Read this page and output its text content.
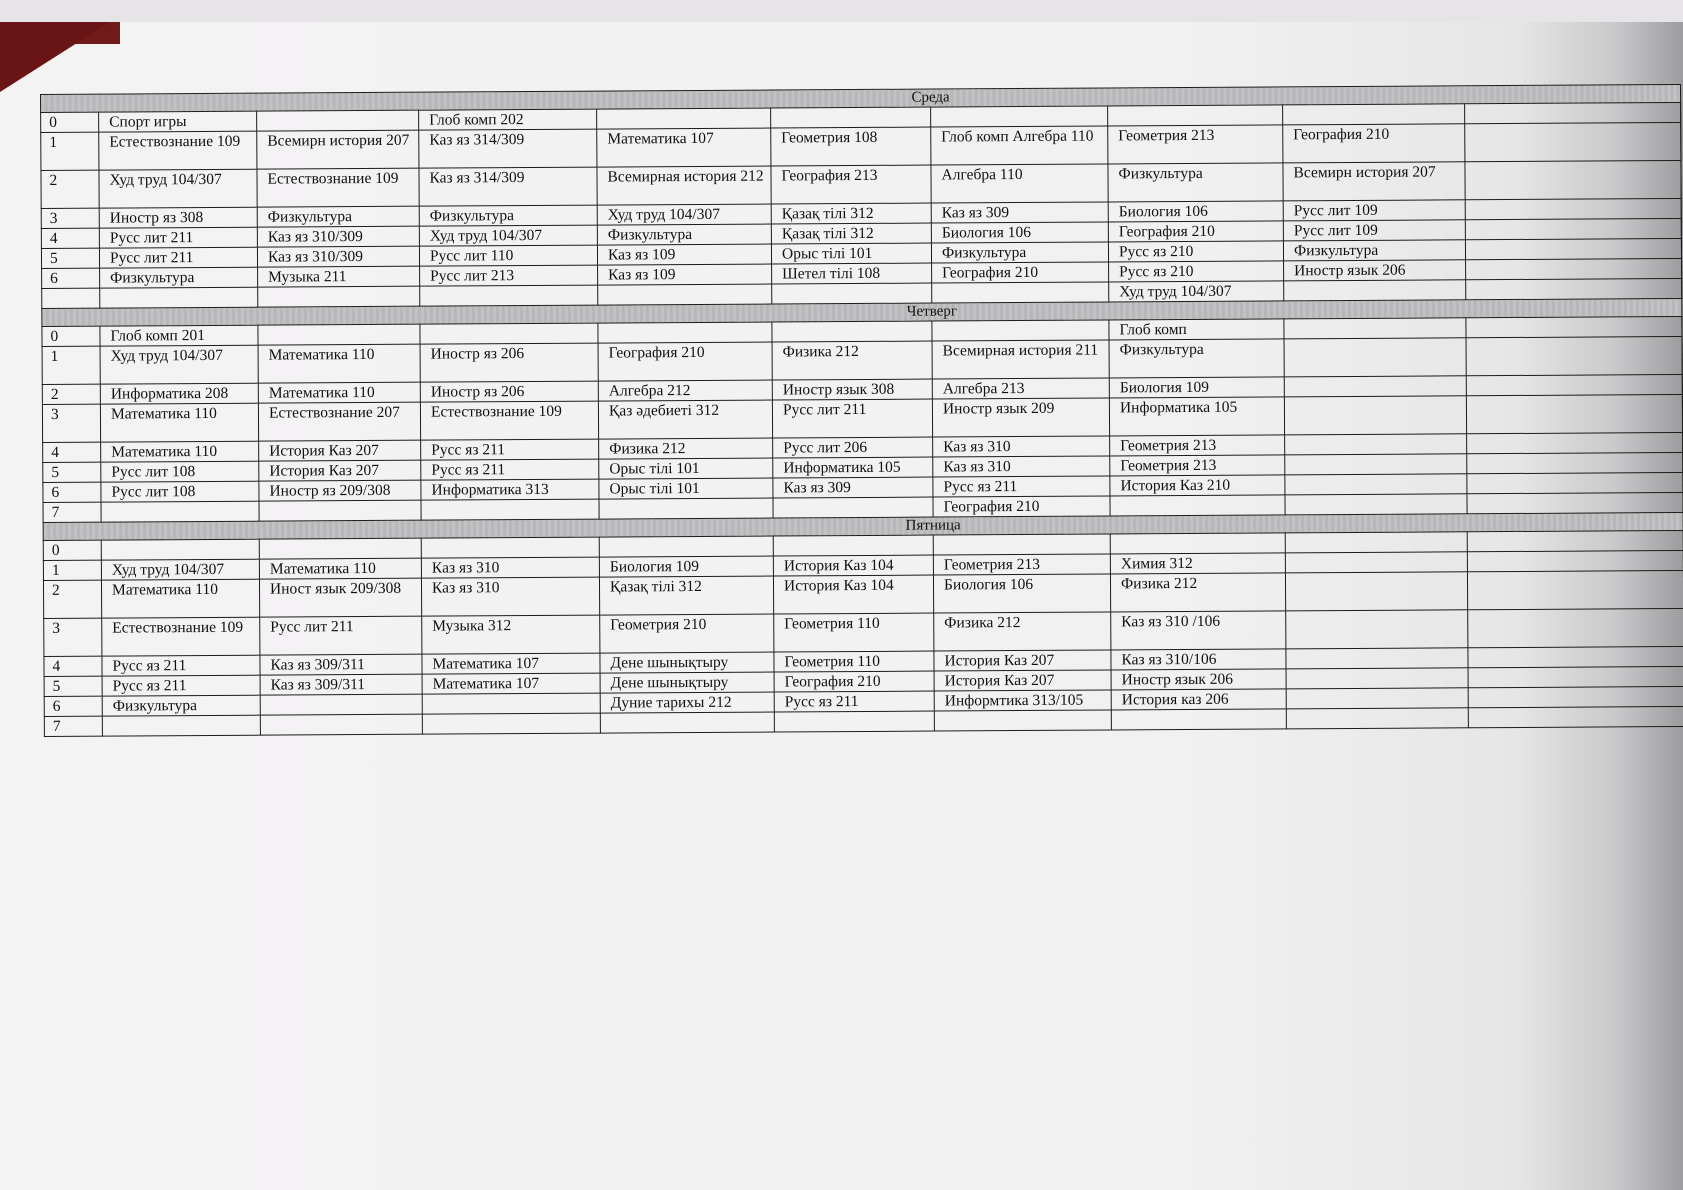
Среда										
0	Спорт игры		Глоб комп 202							
1	Естествознание 109	Всемирн история 207	Каз яз 314/309	Математика 107	Геометрия 108	Глоб комп Алгебра 110	Геометрия 213	География 210		
2	Худ труд 104/307	Естествознание 109	Каз яз 314/309	Всемирная история 212	География 213	Алгебра 110	Физкультура	Всемирн история 207		
3	Иностр яз 308	Физкультура	Физкультура	Худ труд 104/307	Қазақ тілі 312	Каз яз 309	Биология 106	Русс лит 109		
4	Русс лит 211	Каз яз 310/309	Худ труд 104/307	Физкультура	Қазақ тілі 312	Биология 106	География 210	Русс лит 109		
5	Русс лит 211	Каз яз 310/309	Русс лит 110	Каз яз 109	Орыс тілі 101	Физкультура	Русс яз 210	Физкультура		
6	Физкультура	Музыка 211	Русс лит 213	Каз яз 109	Шетел тілі 108	География 210	Русс яз 210	Иностр язык 206		
							Худ труд 104/307			
Четверг										
0	Глоб комп 201						Глоб комп			
1	Худ труд 104/307	Математика 110	Иностр яз 206	География 210	Физика 212	Всемирная история 211	Физкультура			
2	Информатика 208	Математика 110	Иностр яз 206	Алгебра 212	Иностр язык 308	Алгебра 213	Биология 109			
3	Математика 110	Естествознание 207	Естествознание 109	Қаз әдебиеті 312	Русс лит 211	Иностр язык 209	Информатика 105			
4	Математика 110	История Каз 207	Русс яз 211	Физика 212	Русс лит 206	Каз яз 310	Геометрия 213			
5	Русс лит 108	История Каз 207	Русс яз 211	Орыс тілі 101	Информатика 105	Каз яз 310	Геометрия 213			
6	Русс лит 108	Иностр яз 209/308	Информатика 313	Орыс тілі 101	Каз яз 309	Русс яз 211	История Каз 210			
7						География 210				
Пятница										
0										
1	Худ труд 104/307	Математика 110	Каз яз 310	Биология 109	История Каз 104	Геометрия 213	Химия 312			
2	Математика 110	Иност язык 209/308	Каз яз 310	Қазақ тілі 312	История Каз 104	Биология 106	Физика 212			
3	Естествознание 109	Русс лит 211	Музыка 312	Геометрия 210	Геометрия 110	Физика 212	Каз яз 310 /106			
4	Русс яз 211	Каз яз 309/311	Математика 107	Дене шынықтыру	Геометрия 110	История Каз 207	Каз яз 310/106			
5	Русс яз 211	Каз яз 309/311	Математика 107	Дене шынықтыру	География 210	История Каз 207	Иностр язык 206			
6	Физкультура			Дуние тарихы 212	Русс яз 211	Информтика 313/105	История каз 206			
7										
